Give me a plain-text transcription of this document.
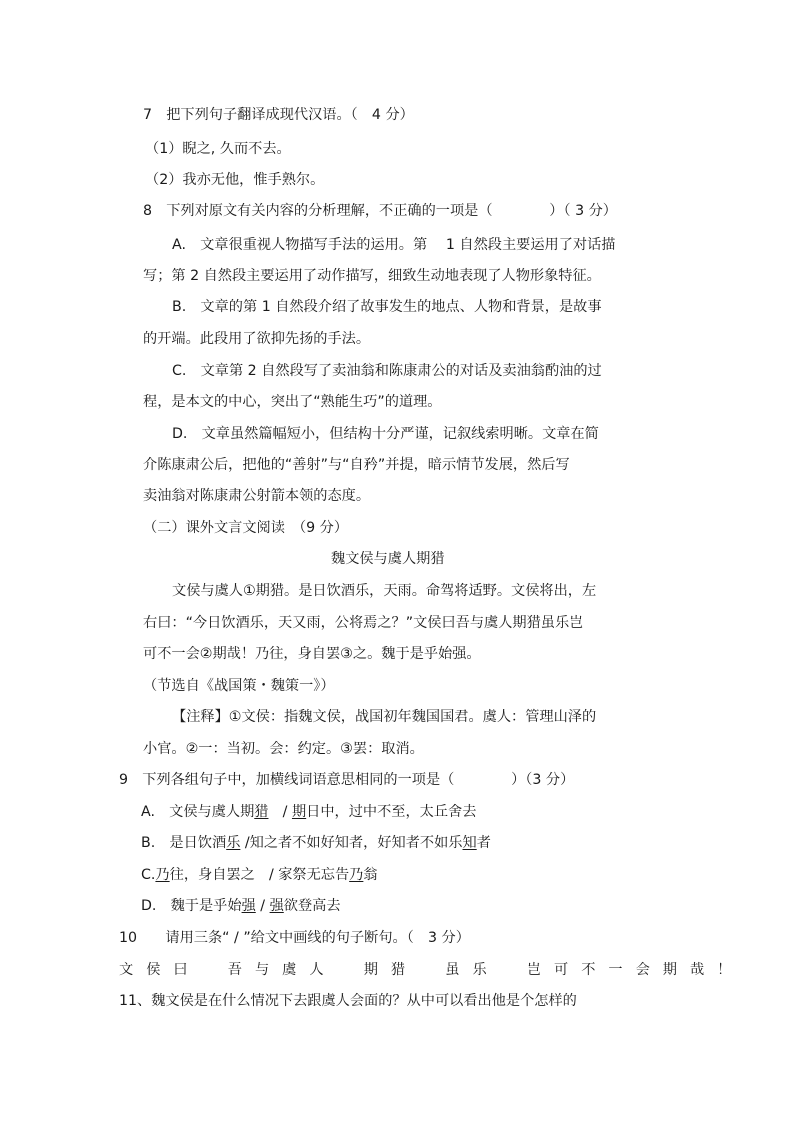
7　把下列句子翻译成现代汉语。（　4 分）
（1）睨之, 久而不去。
（2）我亦无他，惟手熟尔。
8　下列对原文有关内容的分析理解，不正确的一项是（　　　　）（ 3 分）
A.　文章很重视人物描写手法的运用。第　 1 自然段主要运用了对话描
写；第 2 自然段主要运用了动作描写，细致生动地表现了人物形象特征。
B.　文章的第 1 自然段介绍了故事发生的地点、人物和背景，是故事
的开端。此段用了欲抑先扬的手法。
C.　文章第 2 自然段写了卖油翁和陈康肃公的对话及卖油翁酌油的过
程，是本文的中心，突出了“熟能生巧”的道理。
D.　文章虽然篇幅短小，但结构十分严谨，记叙线索明晰。文章在简
介陈康肃公后，把他的“善射”与“自矜”并提，暗示情节发展，然后写
卖油翁对陈康肃公射箭本领的态度。
（二）课外文言文阅读　（9 分）
魏文侯与虞人期猎
文侯与虞人①期猎。是日饮酒乐，天雨。命驾将适野。文侯将出，左
右曰：“今日饮酒乐，天又雨，公将焉之？”文侯曰吾与虞人期猎虽乐岂
可不一会②期哉！乃往，身自罢③之。魏于是乎始强。
（节选自《战国策・魏策一》）
【注释】①文侯：指魏文侯，战国初年魏国国君。虞人：管理山泽的
小官。②一：当初。会：约定。③罢：取消。
9　下列各组句子中，加横线词语意思相同的一项是（　　　　）（3 分）
A.　文侯与虞人期猎　/ 期日中，过中不至，太丘舍去
B.　是日饮酒乐 /知之者不如好知者，好知者不如乐知者
C.乃往，身自罢之　/ 家祭无忘告乃翁
D.　魏于是乎始强 / 强欲登高去
10　　请用三条“ / ”给文中画线的句子断句。（　3 分）
文侯曰　吾与虞人　期猎　虽乐　岂可不一会期哉！
11、魏文侯是在什么情况下去跟虞人会面的？从中可以看出他是个怎样的
